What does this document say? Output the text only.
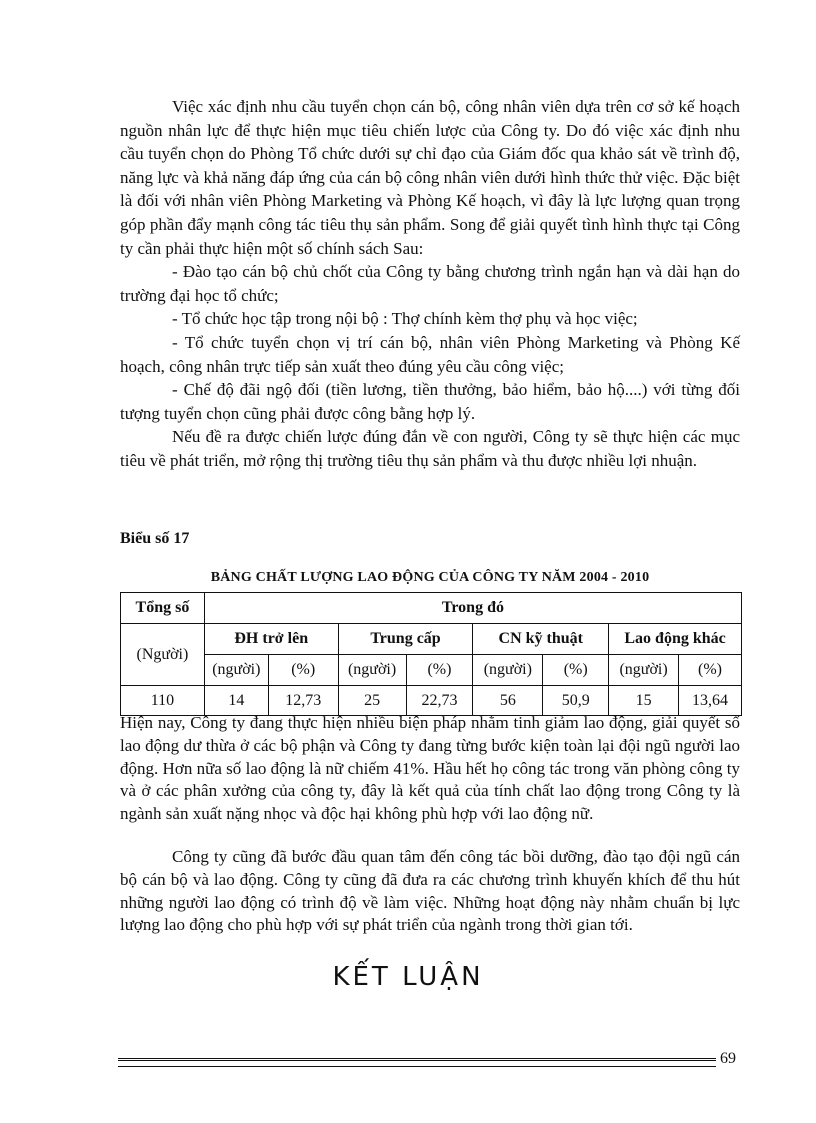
Việc xác định nhu cầu tuyển chọn cán bộ, công nhân viên dựa trên cơ sở kế hoạch nguồn nhân lực để thực hiện mục tiêu chiến lược của Công ty. Do đó việc xác định nhu cầu tuyển chọn do Phòng Tổ chức dưới sự chỉ đạo của Giám đốc qua khảo sát về trình độ, năng lực và khả năng đáp ứng của cán bộ công nhân viên dưới hình thức thử việc. Đặc biệt là đối với nhân viên Phòng Marketing và Phòng Kế hoạch, vì đây là lực lượng quan trọng góp phần đẩy mạnh công tác tiêu thụ sản phẩm. Song để giải quyết tình hình thực tại Công ty cần phải thực hiện một số chính sách Sau:

- Đào tạo cán bộ chủ chốt của Công ty bằng chương trình ngắn hạn và dài hạn do trường đại học tổ chức;

- Tổ chức học tập trong nội bộ : Thợ chính kèm thợ phụ và học việc;

- Tổ chức tuyển chọn vị trí cán bộ, nhân viên Phòng Marketing và Phòng Kế hoạch, công nhân trực tiếp sản xuất theo đúng yêu cầu công việc;

- Chế độ đãi ngộ đối (tiền lương, tiền thưởng, bảo hiểm, bảo hộ....) với từng đối tượng tuyển chọn cũng phải được công bằng hợp lý.

Nếu đề ra được chiến lược đúng đắn về con người, Công ty sẽ thực hiện các mục tiêu về phát triển, mở rộng thị trường tiêu thụ sản phẩm và thu được nhiều lợi nhuận.

Biểu số 17
BẢNG CHẤT LƯỢNG LAO ĐỘNG CỦA CÔNG TY NĂM 2004 - 2010
Tổng số	Trong đó							
(Người)	ĐH trở lên		Trung cấp		CN kỹ thuật		Lao động khác	
	(người)	(%)	(người)	(%)	(người)	(%)	(người)	(%)
110	14	12,73	25	22,73	56	50,9	15	13,64

Hiện nay, Công ty đang thực hiện nhiều biện pháp nhằm tinh giảm lao động, giải quyết số lao động dư thừa ở các bộ phận và Công ty đang từng bước kiện toàn lại đội ngũ người lao động. Hơn nữa số lao động là nữ chiếm 41%. Hầu hết họ công tác trong văn phòng công ty và ở các phân xưởng của công ty, đây là kết quả của tính chất lao động trong Công ty là ngành sản xuất nặng nhọc và độc hại không phù hợp với lao động nữ.

Công ty cũng đã bước đầu quan tâm đến công tác bồi dưỡng, đào tạo đội ngũ cán bộ cán bộ và lao động. Công ty cũng đã đưa ra các chương trình khuyến khích để thu hút những người lao động có trình độ về làm việc. Những hoạt động này nhằm chuẩn bị lực lượng lao động cho phù hợp với sự phát triển của ngành trong thời gian tới.

KẾT LUẬN
69
